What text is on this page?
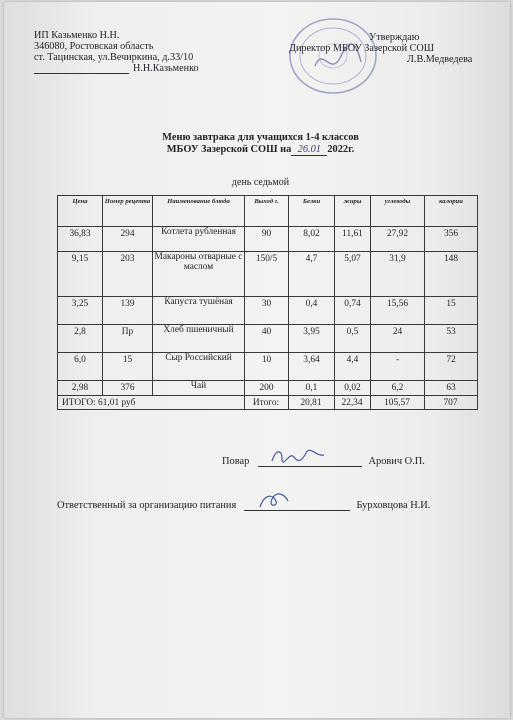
ИП Казьменко Н.Н.
346080, Ростовская область
ст. Тацинская, ул.Вечиркина, д.33/10
Н.Н.Казьменко
Утверждаю
Директор МБОУ Зазерской СОШ
Л.В.Медведева
Меню завтрака для учащихся 1-4 классов
МБОУ Зазерской СОШ на 26.01 2022г.
день седьмой
Цена	Номер рецепта	Наименование блюда	Выход г.	Белки	жиры	углеводы	калории
36,83	294	Котлета рубленная	90	8,02	11,61	27,92	356
9,15	203	Макароны отварные с маслом	150/5	4,7	5,07	31,9	148
3,25	139	Капуста тушёная	30	0,4	0,74	15,56	15
2,8	Пр	Хлеб пшеничный	40	3,95	0,5	24	53
6,0	15	Сыр Российский	10	3,64	4,4	-	72
2,98	376	Чай	200	0,1	0,02	6,2	63
ИТОГО: 61,01 руб			Итого:	20,81	22,34	105,57	707
Повар	Арович О.П.
Ответственный за организацию питания	Бурховцова Н.И.
